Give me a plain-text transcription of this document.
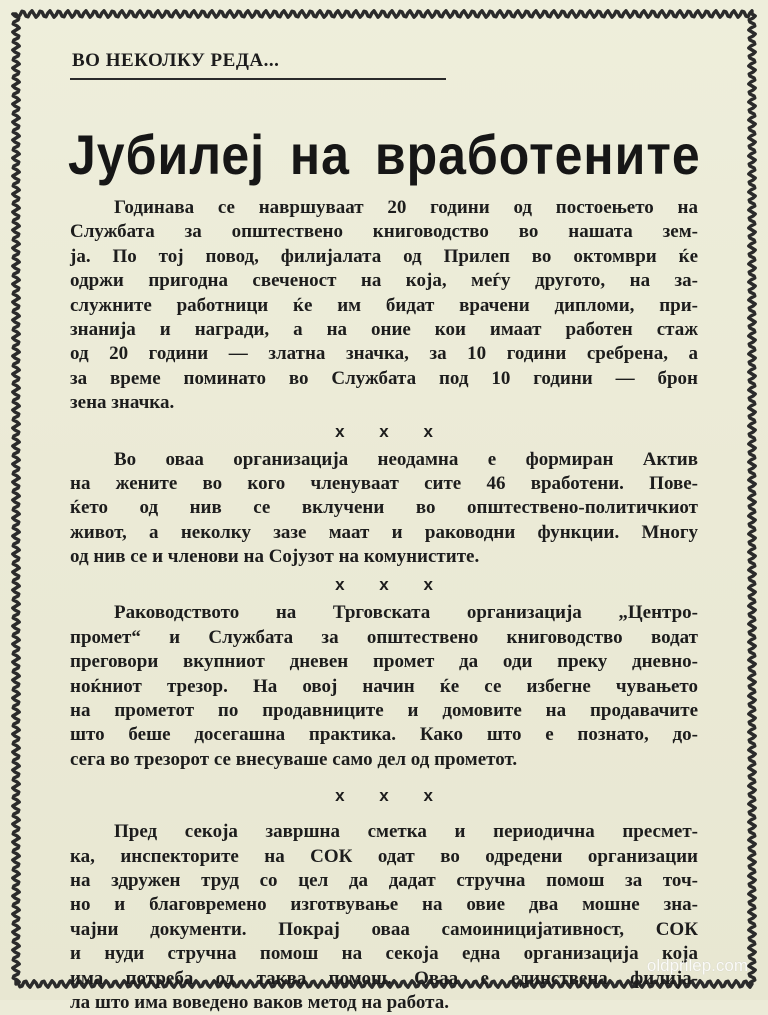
ВО НЕКОЛКУ РЕДА...
Јубилеј на вработените
Годинава се навршуваат 20 години од постоењето на
Службата за општествено книговодство во нашата зем-
ја. По тој повод, филијалата од Прилеп во октомври ќе
одржи пригодна свеченост на која, меѓу другото, на за-
служните работници ќе им бидат врачени дипломи, при-
знанија и награди, а на оние кои имаат работен стаж
од 20 години — златна значка, за 10 години сребрена, а
за време поминато во Службата под 10 години — брон
зена значка.
x x x
Во оваа организација неодамна е формиран Актив
на жените во кого членуваат сите 46 вработени. Пове-
ќето од нив се вклучени во општествено-политичкиот
живот, а неколку зазе маат и раководни функции. Многу
од нив се и членови на Сојузот на комунистите.
x x x
Раководството на Трговската организација „Центро-
промет“ и Службата за општествено книговодство водат
преговори вкупниот дневен промет да оди преку дневно-
ноќниот трезор. На овој начин ќе се избегне чувањето
на прометот по продавниците и домовите на продавачите
што беше досегашна практика. Како што е познато, до-
сега во трезорот се внесуваше само дел од прометот.
x x x
Пред секоја завршна сметка и периодична пресмет-
ка, инспекторите на СОК одат во одредени организации
на здружен труд со цел да дадат стручна помош за точ-
но и благовремено изготвување на овие два мошне зна-
чајни документи. Покрај оваа самоиницијативност, СОК
и нуди стручна помош на секоја една организација која
има потреба од таква помош. Оваа е единствена филија-
ла што има воведено ваков метод на работа.
oldprilep.com
